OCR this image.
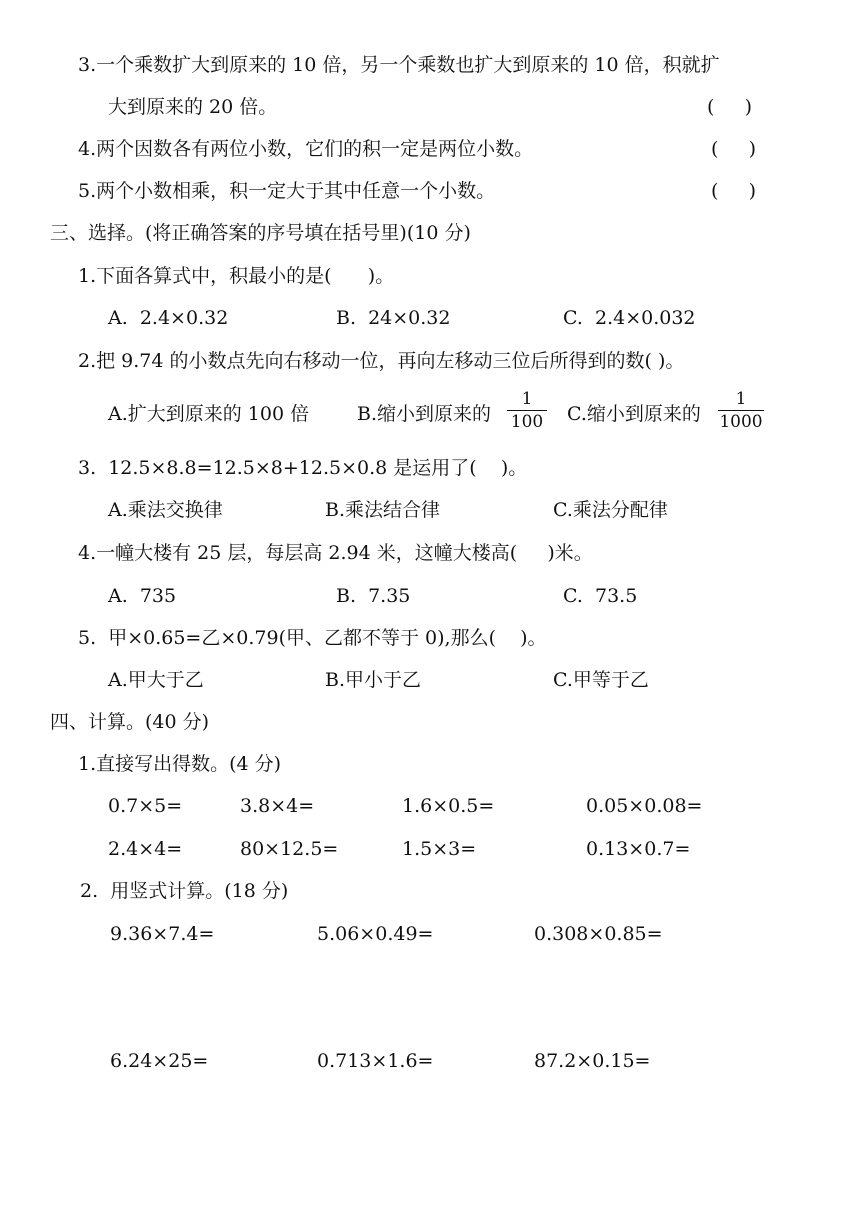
3.一个乘数扩大到原来的 10 倍，另一个乘数也扩大到原来的 10 倍，积就扩
大到原来的 20 倍。	(     )
4.两个因数各有两位小数，它们的积一定是两位小数。	(     )
5.两个小数相乘，积一定大于其中任意一个小数。	(     )
三、选择。(将正确答案的序号填在括号里)(10 分)
1.下面各算式中，积最小的是(      )。
A.  2.4×0.32	B.  24×0.32	C.  2.4×0.032
2.把 9.74 的小数点先向右移动一位，再向左移动三位后所得到的数( )。
A.扩大到原来的 100 倍	B.缩小到原来的
1
100 C.缩小到原来的
1
1000
3.  12.5×8.8=12.5×8+12.5×0.8 是运用了(    )。
A.乘法交换律	B.乘法结合律	C.乘法分配律
4.一幢大楼有 25 层，每层高 2.94 米，这幢大楼高(     )米。
A.  735	B.  7.35	C.  73.5
5.  甲×0.65=乙×0.79(甲、乙都不等于 0),那么(    )。
A.甲大于乙	B.甲小于乙	C.甲等于乙
四、计算。(40 分)
1.直接写出得数。(4 分)
0.7×5=	3.8×4=	1.6×0.5=	0.05×0.08=
2.4×4=	80×12.5=	1.5×3=	0.13×0.7=
2.  用竖式计算。(18 分)
9.36×7.4=	5.06×0.49=	0.308×0.85=
6.24×25=	0.713×1.6=	87.2×0.15=
